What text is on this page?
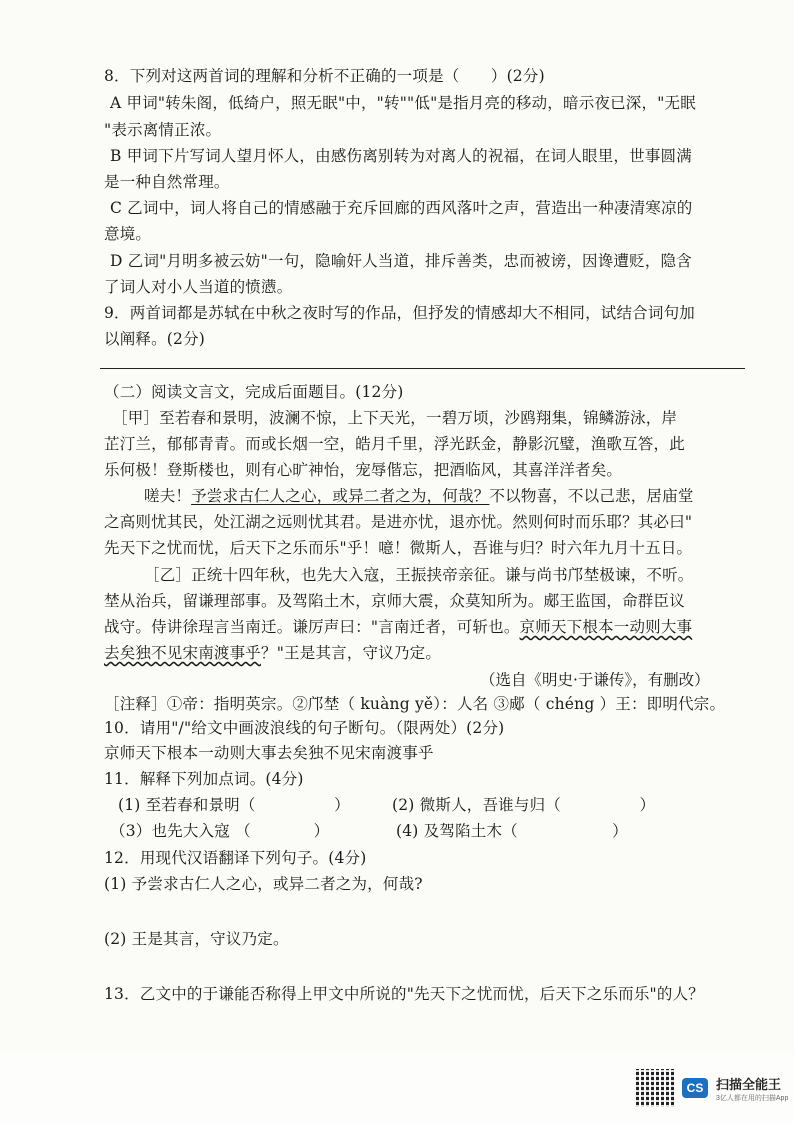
8．下列对这两首词的理解和分析不正确的一项是（　　）(2分)
A 甲词"转朱阁，低绮户，照无眠"中，"转""低"是指月亮的移动，暗示夜已深，"无眠
"表示离情正浓。
B 甲词下片写词人望月怀人，由感伤离别转为对离人的祝福，在词人眼里，世事圆满
是一种自然常理。
C 乙词中，词人将自己的情感融于充斥回廊的西风落叶之声，营造出一种凄清寒凉的
意境。
D 乙词"月明多被云妨"一句，隐喻奸人当道，排斥善类，忠而被谤，因谗遭贬，隐含
了词人对小人当道的愤懑。
9．两首词都是苏轼在中秋之夜时写的作品，但抒发的情感却大不相同，试结合词句加
以阐释。(2分)
（二）阅读文言文，完成后面题目。(12分)
［甲］至若春和景明，波澜不惊，上下天光，一碧万顷，沙鸥翔集，锦鳞游泳，岸
芷汀兰，郁郁青青。而或长烟一空，皓月千里，浮光跃金，静影沉璧，渔歌互答，此
乐何极！登斯楼也，则有心旷神怡，宠辱偕忘，把酒临风，其喜洋洋者矣。
嗟夫！予尝求古仁人之心，或异二者之为，何哉？不以物喜，不以己悲，居庙堂
之高则忧其民，处江湖之远则忧其君。是进亦忧，退亦忧。然则何时而乐耶？其必曰"
先天下之忧而忧，后天下之乐而乐"乎！噫！微斯人，吾谁与归？时六年九月十五日。
［乙］正统十四年秋，也先大入寇，王振挟帝亲征。谦与尚书邝埜极谏，不听。
埜从治兵，留谦理部事。及驾陷土木，京师大震，众莫知所为。郕王监国，命群臣议
战守。侍讲徐珵言当南迁。谦厉声曰："言南迁者，可斩也。京师天下根本一动则大事
去矣独不见宋南渡事乎？"王是其言，守议乃定。
（选自《明史·于谦传》，有删改）
［注释］①帝：指明英宗。②邝埜（ kuàng yě）：人名 ③郕（ chéng ）王：即明代宗。
10．请用"/"给文中画波浪线的句子断句。（限两处）(2分)
京师天下根本一动则大事去矣独不见宋南渡事乎
11．解释下列加点词。(4分)
(1) 至若春和景明（　　　　　）	(2) 微斯人，吾谁与归（　　　　　）
（3）也先大入寇 （　　　　）	(4) 及驾陷土木（　　　　　　）
12．用现代汉语翻译下列句子。(4分)
(1) 予尝求古仁人之心，或异二者之为，何哉?
(2) 王是其言，守议乃定。
13．乙文中的于谦能否称得上甲文中所说的"先天下之忧而忧，后天下之乐而乐"的人？
CS 扫描全能王
3亿人都在用的扫描App
